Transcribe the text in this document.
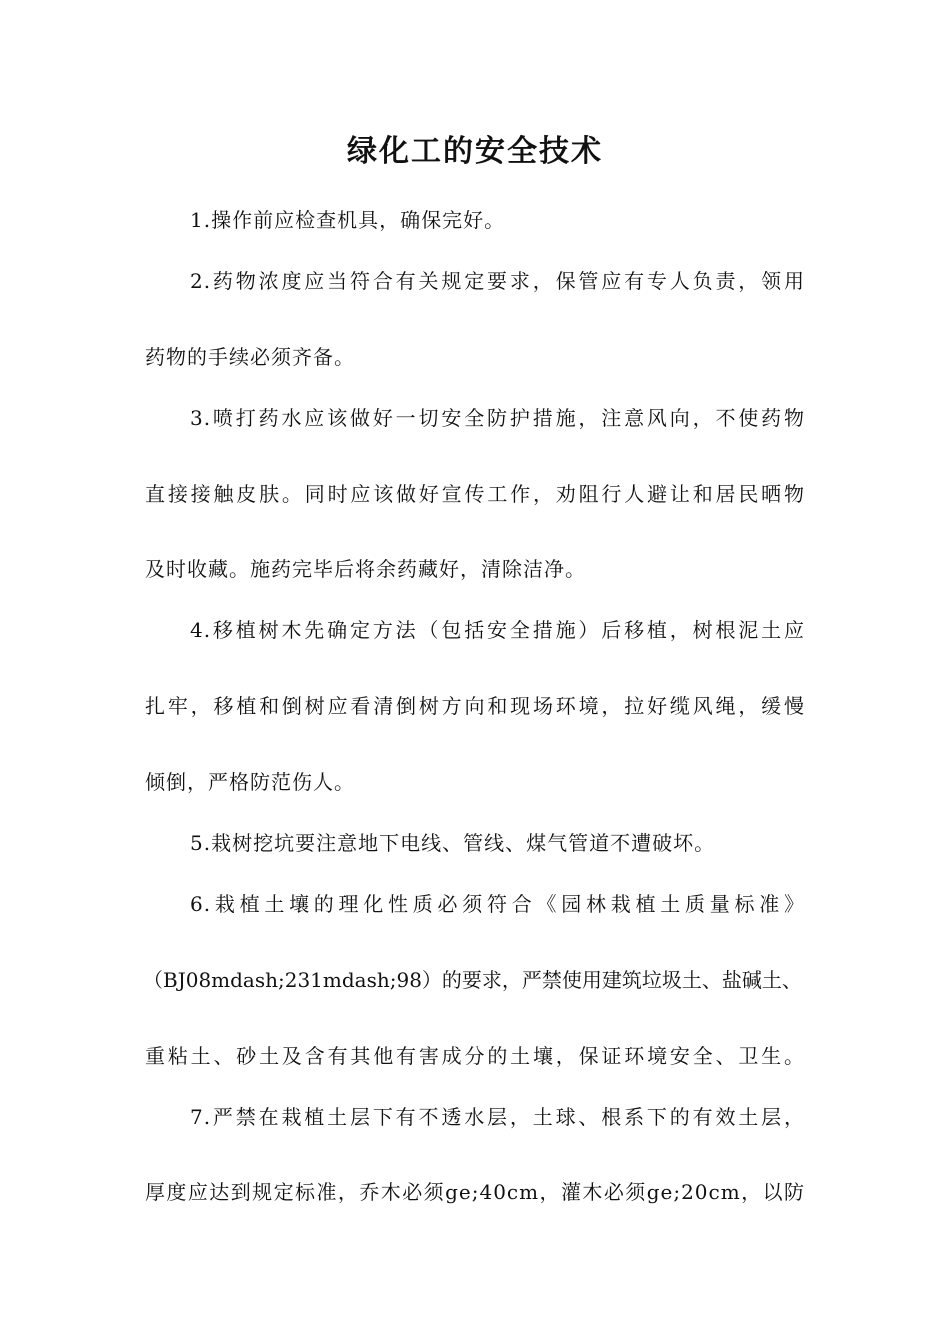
绿化工的安全技术
1.操作前应检查机具，确保完好。
2.药物浓度应当符合有关规定要求，保管应有专人负责，领用
药物的手续必须齐备。
3.喷打药水应该做好一切安全防护措施，注意风向，不使药物
直接接触皮肤。同时应该做好宣传工作，劝阻行人避让和居民晒物
及时收藏。施药完毕后将余药藏好，清除洁净。
4.移植树木先确定方法（包括安全措施）后移植，树根泥土应
扎牢，移植和倒树应看清倒树方向和现场环境，拉好缆风绳，缓慢
倾倒，严格防范伤人。
5.栽树挖坑要注意地下电线、管线、煤气管道不遭破坏。
6.栽植土壤的理化性质必须符合《园林栽植土质量标准》
（BJ08mdash;231mdash;98）的要求，严禁使用建筑垃圾土、盐碱土、
重粘土、砂土及含有其他有害成分的土壤，保证环境安全、卫生。
7.严禁在栽植土层下有不透水层，土球、根系下的有效土层，
厚度应达到规定标准，乔木必须ge;40cm，灌木必须ge;20cm，以防
